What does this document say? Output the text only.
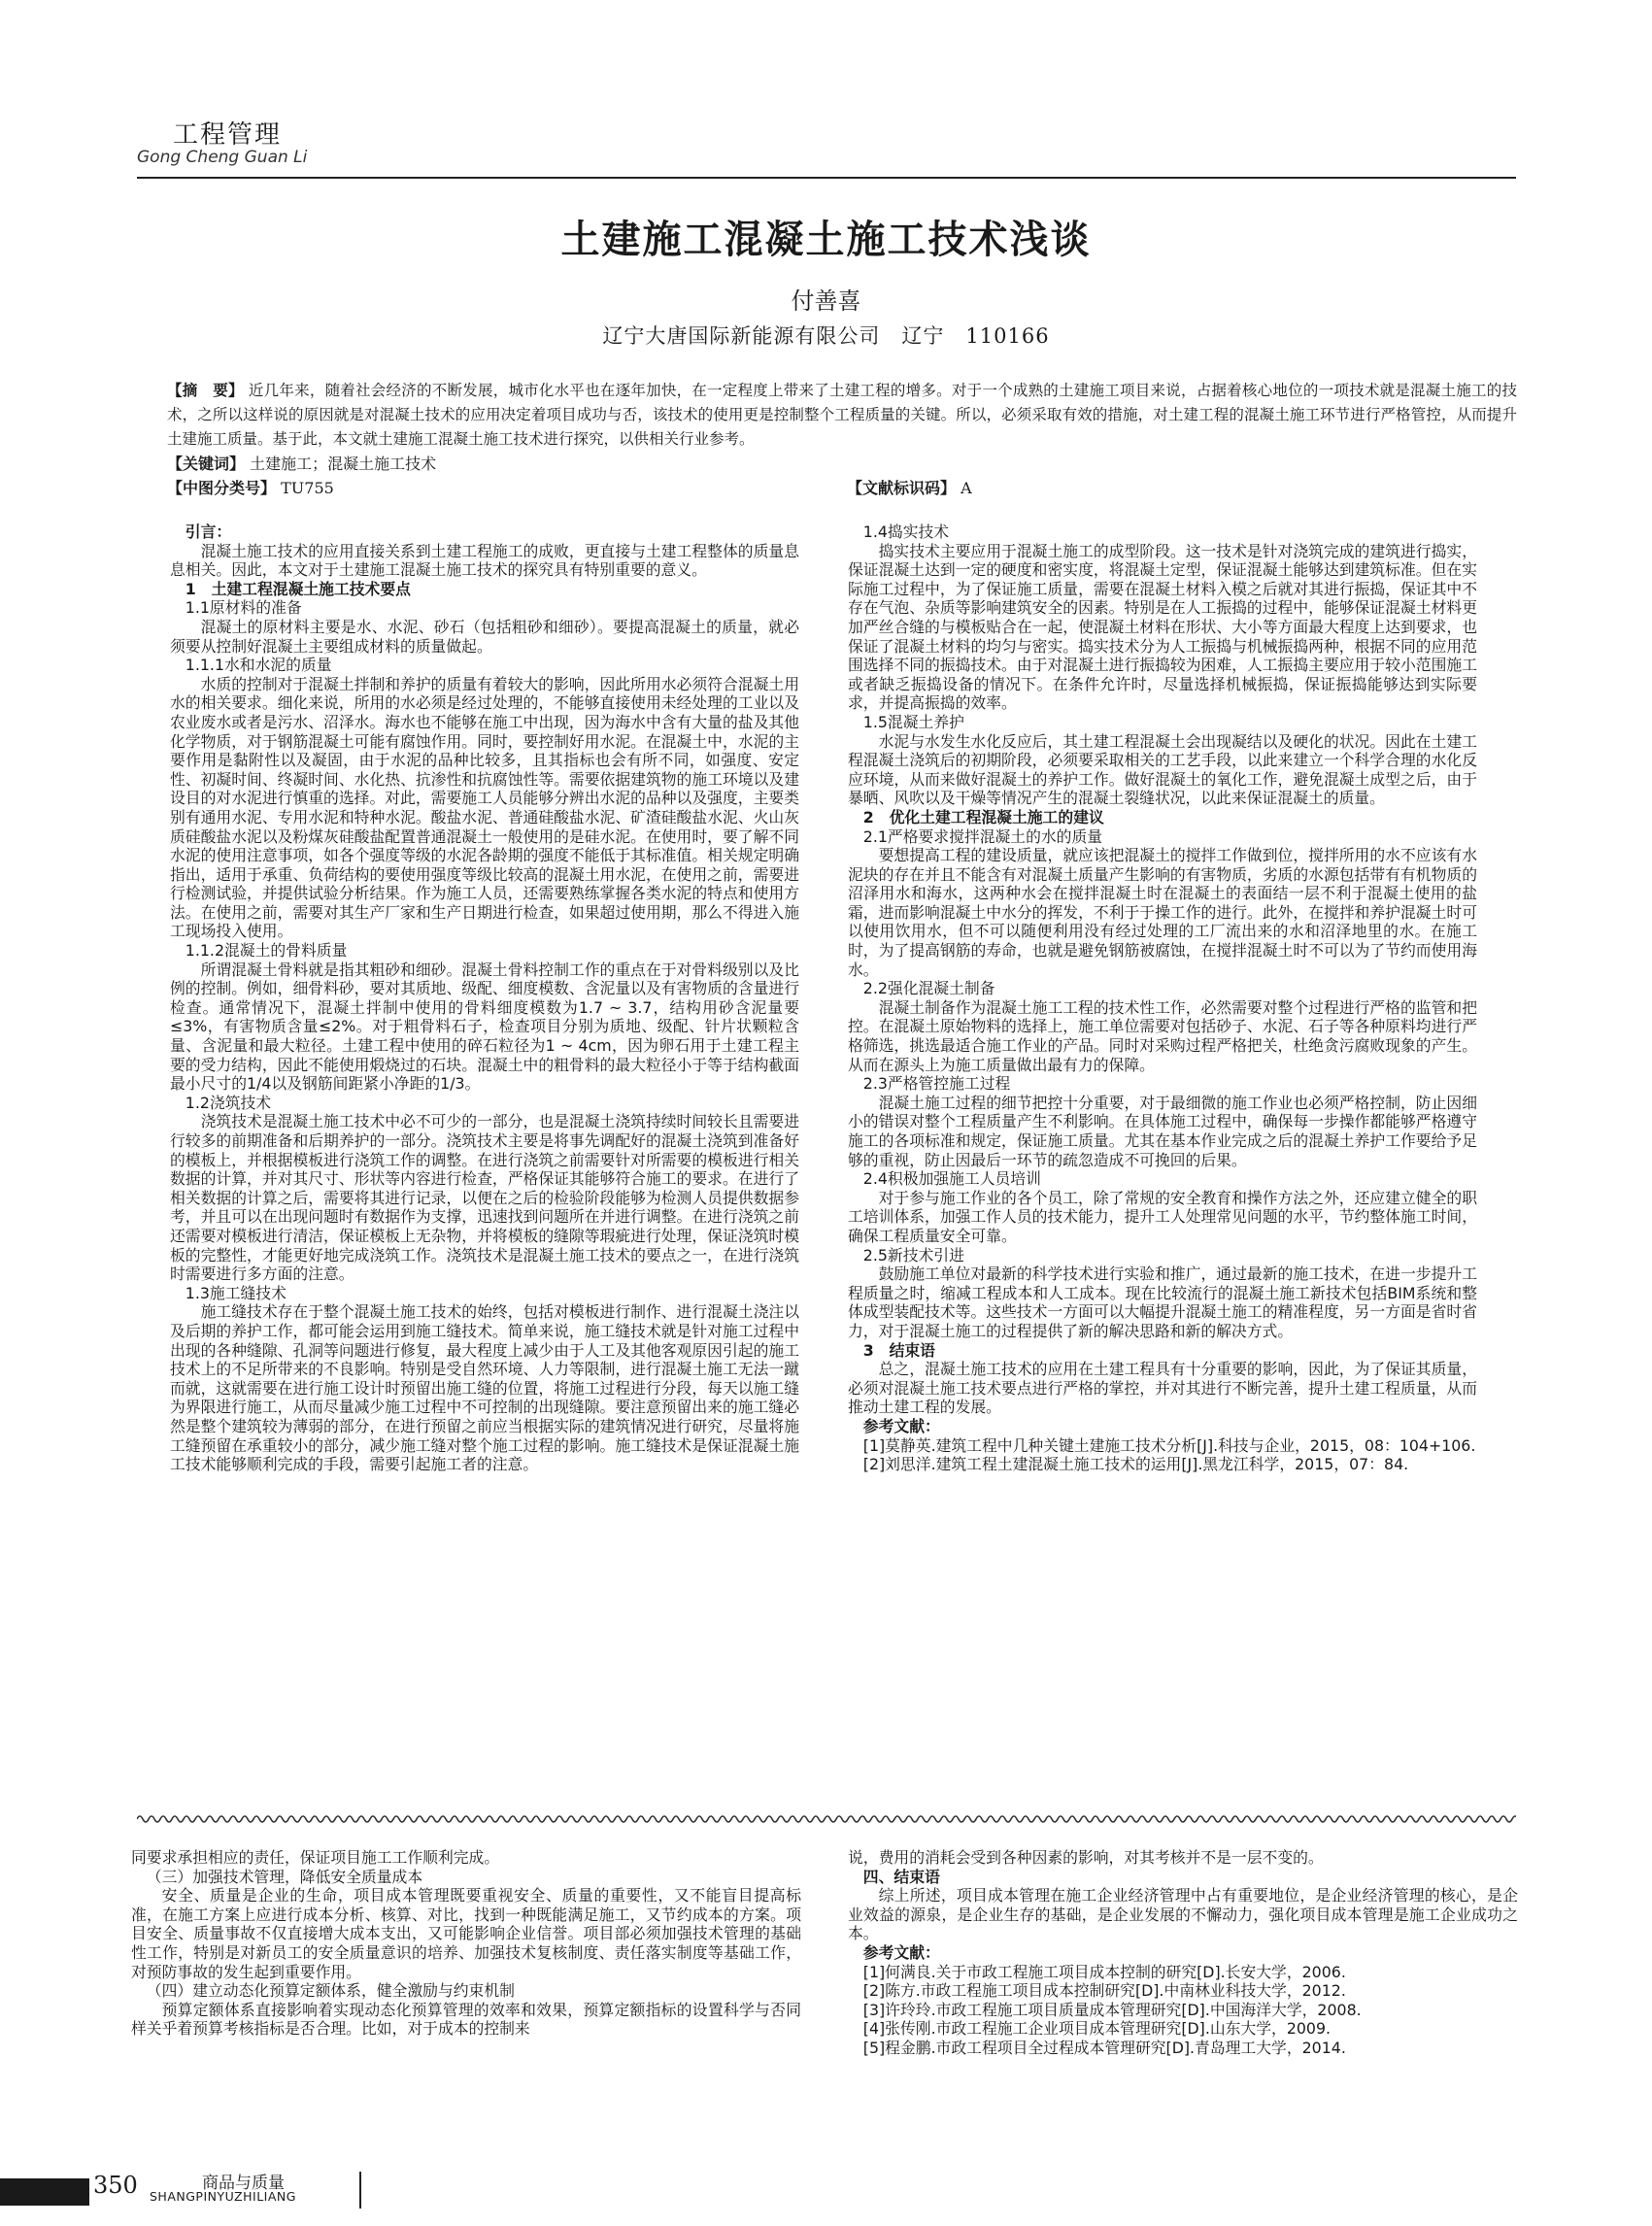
工程管理
Gong Cheng Guan Li
土建施工混凝土施工技术浅谈
付善喜
辽宁大唐国际新能源有限公司　辽宁　110166
【摘　要】 近几年来，随着社会经济的不断发展，城市化水平也在逐年加快，在一定程度上带来了土建工程的增多。对于一个成熟的土建施工项目来说，占据着核心地位的一项技术就是混凝土施工的技术，之所以这样说的原因就是对混凝土技术的应用决定着项目成功与否，该技术的使用更是控制整个工程质量的关键。所以，必须采取有效的措施，对土建工程的混凝土施工环节进行严格管控，从而提升土建施工质量。基于此，本文就土建施工混凝土施工技术进行探究，以供相关行业参考。
【关键词】 土建施工；混凝土施工技术
【中图分类号】 TU755	【文献标识码】 A

引言：

混凝土施工技术的应用直接关系到土建工程施工的成败，更直接与土建工程整体的质量息息相关。因此，本文对于土建施工混凝土施工技术的探究具有特别重要的意义。

1　土建工程混凝土施工技术要点

1.1原材料的准备

混凝土的原材料主要是水、水泥、砂石（包括粗砂和细砂）。要提高混凝土的质量，就必须要从控制好混凝土主要组成材料的质量做起。

1.1.1水和水泥的质量

水质的控制对于混凝土拌制和养护的质量有着较大的影响，因此所用水必须符合混凝土用水的相关要求。细化来说，所用的水必须是经过处理的，不能够直接使用未经处理的工业以及农业废水或者是污水、沼泽水。海水也不能够在施工中出现，因为海水中含有大量的盐及其他化学物质，对于钢筋混凝土可能有腐蚀作用。同时，要控制好用水泥。在混凝土中，水泥的主要作用是黏附性以及凝固，由于水泥的品种比较多，且其指标也会有所不同，如强度、安定性、初凝时间、终凝时间、水化热、抗渗性和抗腐蚀性等。需要依据建筑物的施工环境以及建设目的对水泥进行慎重的选择。对此，需要施工人员能够分辨出水泥的品种以及强度，主要类别有通用水泥、专用水泥和特种水泥。酸盐水泥、普通硅酸盐水泥、矿渣硅酸盐水泥、火山灰质硅酸盐水泥以及粉煤灰硅酸盐配置普通混凝土一般使用的是硅水泥。在使用时，要了解不同水泥的使用注意事项，如各个强度等级的水泥各龄期的强度不能低于其标准值。相关规定明确指出，适用于承重、负荷结构的要使用强度等级比较高的混凝土用水泥，在使用之前，需要进行检测试验，并提供试验分析结果。作为施工人员，还需要熟练掌握各类水泥的特点和使用方法。在使用之前，需要对其生产厂家和生产日期进行检查，如果超过使用期，那么不得进入施工现场投入使用。

1.1.2混凝土的骨料质量

所谓混凝土骨料就是指其粗砂和细砂。混凝土骨料控制工作的重点在于对骨料级别以及比例的控制。例如，细骨料砂，要对其质地、级配、细度模数、含泥量以及有害物质的含量进行检查。通常情况下，混凝土拌制中使用的骨料细度模数为1.7 ~ 3.7，结构用砂含泥量要≤3%，有害物质含量≤2%。对于粗骨料石子，检查项目分别为质地、级配、针片状颗粒含量、含泥量和最大粒径。土建工程中使用的碎石粒径为1 ~ 4cm，因为卵石用于土建工程主要的受力结构，因此不能使用煅烧过的石块。混凝土中的粗骨料的最大粒径小于等于结构截面最小尺寸的1/4以及钢筋间距紧小净距的1/3。

1.2浇筑技术

浇筑技术是混凝土施工技术中必不可少的一部分，也是混凝土浇筑持续时间较长且需要进行较多的前期准备和后期养护的一部分。浇筑技术主要是将事先调配好的混凝土浇筑到准备好的模板上，并根据模板进行浇筑工作的调整。在进行浇筑之前需要针对所需要的模板进行相关数据的计算，并对其尺寸、形状等内容进行检查，严格保证其能够符合施工的要求。在进行了相关数据的计算之后，需要将其进行记录，以便在之后的检验阶段能够为检测人员提供数据参考，并且可以在出现问题时有数据作为支撑，迅速找到问题所在并进行调整。在进行浇筑之前还需要对模板进行清洁，保证模板上无杂物，并将模板的缝隙等瑕疵进行处理，保证浇筑时模板的完整性，才能更好地完成浇筑工作。浇筑技术是混凝土施工技术的要点之一，在进行浇筑时需要进行多方面的注意。

1.3施工缝技术

施工缝技术存在于整个混凝土施工技术的始终，包括对模板进行制作、进行混凝土浇注以及后期的养护工作，都可能会运用到施工缝技术。简单来说，施工缝技术就是针对施工过程中出现的各种缝隙、孔洞等问题进行修复，最大程度上减少由于人工及其他客观原因引起的施工技术上的不足所带来的不良影响。特别是受自然环境、人力等限制，进行混凝土施工无法一蹴而就，这就需要在进行施工设计时预留出施工缝的位置，将施工过程进行分段，每天以施工缝为界限进行施工，从而尽量减少施工过程中不可控制的出现缝隙。要注意预留出来的施工缝必然是整个建筑较为薄弱的部分，在进行预留之前应当根据实际的建筑情况进行研究，尽量将施工缝预留在承重较小的部分，减少施工缝对整个施工过程的影响。施工缝技术是保证混凝土施工技术能够顺利完成的手段，需要引起施工者的注意。

1.4捣实技术

捣实技术主要应用于混凝土施工的成型阶段。这一技术是针对浇筑完成的建筑进行捣实，保证混凝土达到一定的硬度和密实度，将混凝土定型，保证混凝土能够达到建筑标准。但在实际施工过程中，为了保证施工质量，需要在混凝土材料入模之后就对其进行振捣，保证其中不存在气泡、杂质等影响建筑安全的因素。特别是在人工振捣的过程中，能够保证混凝土材料更加严丝合缝的与模板贴合在一起，使混凝土材料在形状、大小等方面最大程度上达到要求，也保证了混凝土材料的均匀与密实。捣实技术分为人工振捣与机械振捣两种，根据不同的应用范围选择不同的振捣技术。由于对混凝土进行振捣较为困难，人工振捣主要应用于较小范围施工或者缺乏振捣设备的情况下。在条件允许时，尽量选择机械振捣，保证振捣能够达到实际要求，并提高振捣的效率。

1.5混凝土养护

水泥与水发生水化反应后，其土建工程混凝土会出现凝结以及硬化的状况。因此在土建工程混凝土浇筑后的初期阶段，必须要采取相关的工艺手段，以此来建立一个科学合理的水化反应环境，从而来做好混凝土的养护工作。做好混凝土的氧化工作，避免混凝土成型之后，由于暴晒、风吹以及干燥等情况产生的混凝土裂缝状况，以此来保证混凝土的质量。

2　优化土建工程混凝土施工的建议

2.1严格要求搅拌混凝土的水的质量

要想提高工程的建设质量，就应该把混凝土的搅拌工作做到位，搅拌所用的水不应该有水泥块的存在并且不能含有对混凝土质量产生影响的有害物质，劣质的水源包括带有有机物质的沼泽用水和海水，这两种水会在搅拌混凝土时在混凝土的表面结一层不利于混凝土使用的盐霜，进而影响混凝土中水分的挥发，不利于于操工作的进行。此外，在搅拌和养护混凝土时可以使用饮用水，但不可以随便利用没有经过处理的工厂流出来的水和沼泽地里的水。在施工时，为了提高钢筋的寿命，也就是避免钢筋被腐蚀，在搅拌混凝土时不可以为了节约而使用海水。

2.2强化混凝土制备

混凝土制备作为混凝土施工工程的技术性工作，必然需要对整个过程进行严格的监管和把控。在混凝土原始物料的选择上，施工单位需要对包括砂子、水泥、石子等各种原料均进行严格筛选，挑选最适合施工作业的产品。同时对采购过程严格把关，杜绝贪污腐败现象的产生。从而在源头上为施工质量做出最有力的保障。

2.3严格管控施工过程

混凝土施工过程的细节把控十分重要，对于最细微的施工作业也必须严格控制，防止因细小的错误对整个工程质量产生不利影响。在具体施工过程中，确保每一步操作都能够严格遵守施工的各项标准和规定，保证施工质量。尤其在基本作业完成之后的混凝土养护工作要给予足够的重视，防止因最后一环节的疏忽造成不可挽回的后果。

2.4积极加强施工人员培训

对于参与施工作业的各个员工，除了常规的安全教育和操作方法之外，还应建立健全的职工培训体系，加强工作人员的技术能力，提升工人处理常见问题的水平，节约整体施工时间，确保工程质量安全可靠。

2.5新技术引进

鼓励施工单位对最新的科学技术进行实验和推广，通过最新的施工技术，在进一步提升工程质量之时，缩减工程成本和人工成本。现在比较流行的混凝土施工新技术包括BIM系统和整体成型装配技术等。这些技术一方面可以大幅提升混凝土施工的精准程度，另一方面是省时省力，对于混凝土施工的过程提供了新的解决思路和新的解决方式。

3　结束语

总之，混凝土施工技术的应用在土建工程具有十分重要的影响，因此，为了保证其质量，必须对混凝土施工技术要点进行严格的掌控，并对其进行不断完善，提升土建工程质量，从而推动土建工程的发展。

参考文献：

[1]莫静英.建筑工程中几种关键土建施工技术分析[J].科技与企业，2015，08：104+106.

[2]刘思洋.建筑工程土建混凝土施工技术的运用[J].黑龙江科学，2015，07：84.

同要求承担相应的责任，保证项目施工工作顺利完成。

（三）加强技术管理，降低安全质量成本

安全、质量是企业的生命，项目成本管理既要重视安全、质量的重要性，又不能盲目提高标准，在施工方案上应进行成本分析、核算、对比，找到一种既能满足施工，又节约成本的方案。项目安全、质量事故不仅直接增大成本支出，又可能影响企业信誉。项目部必须加强技术管理的基础性工作，特别是对新员工的安全质量意识的培养、加强技术复核制度、责任落实制度等基础工作，对预防事故的发生起到重要作用。

（四）建立动态化预算定额体系，健全激励与约束机制

预算定额体系直接影响着实现动态化预算管理的效率和效果，预算定额指标的设置科学与否同样关乎着预算考核指标是否合理。比如，对于成本的控制来

说，费用的消耗会受到各种因素的影响，对其考核并不是一层不变的。

四、结束语

综上所述，项目成本管理在施工企业经济管理中占有重要地位，是企业经济管理的核心，是企业效益的源泉，是企业生存的基础，是企业发展的不懈动力，强化项目成本管理是施工企业成功之本。

参考文献：

[1]何满良.关于市政工程施工项目成本控制的研究[D].长安大学，2006.

[2]陈方.市政工程施工项目成本控制研究[D].中南林业科技大学，2012.

[3]许玲玲.市政工程施工项目质量成本管理研究[D].中国海洋大学，2008.

[4]张传刚.市政工程施工企业项目成本管理研究[D].山东大学，2009.

[5]程金鹏.市政工程项目全过程成本管理研究[D].青岛理工大学，2014.

350	商品与质量
SHANGPINYUZHILIANG
